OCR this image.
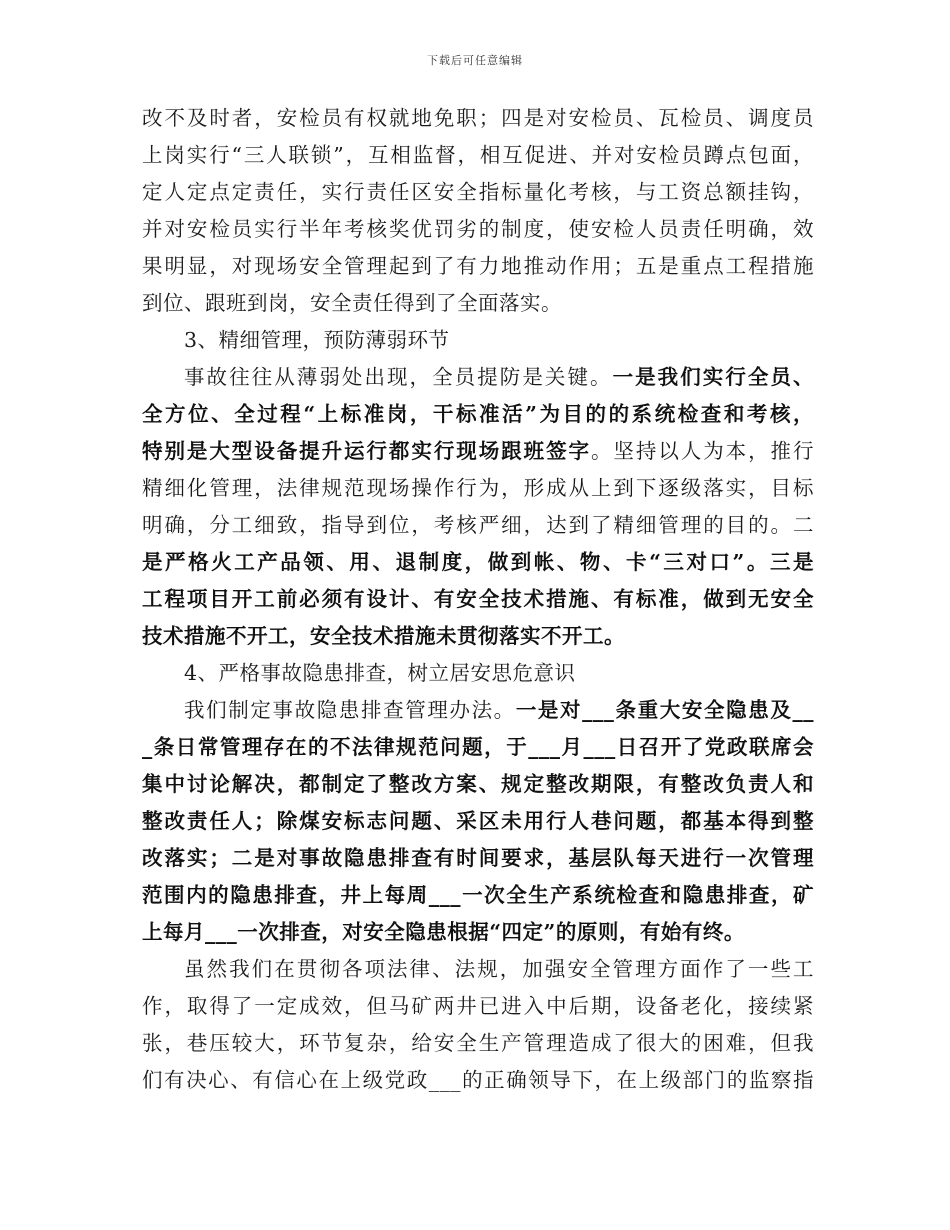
下载后可任意编辑
改不及时者，安检员有权就地免职；四是对安检员、瓦检员、调度员
上岗实行“三人联锁”，互相监督，相互促进、并对安检员蹲点包面，
定人定点定责任，实行责任区安全指标量化考核，与工资总额挂钩，
并对安检员实行半年考核奖优罚劣的制度，使安检人员责任明确，效
果明显，对现场安全管理起到了有力地推动作用；五是重点工程措施
到位、跟班到岗，安全责任得到了全面落实。
3、精细管理，预防薄弱环节
事故往往从薄弱处出现，全员提防是关键。一是我们实行全员、
全方位、全过程“上标准岗，干标准活”为目的的系统检查和考核，
特别是大型设备提升运行都实行现场跟班签字。坚持以人为本，推行
精细化管理，法律规范现场操作行为，形成从上到下逐级落实，目标
明确，分工细致，指导到位，考核严细，达到了精细管理的目的。二
是严格火工产品领、用、退制度，做到帐、物、卡“三对口”。三是
工程项目开工前必须有设计、有安全技术措施、有标准，做到无安全
技术措施不开工，安全技术措施未贯彻落实不开工。
4、严格事故隐患排查，树立居安思危意识
我们制定事故隐患排查管理办法。一是对___条重大安全隐患及__
_条日常管理存在的不法律规范问题，于___月___日召开了党政联席会
集中讨论解决，都制定了整改方案、规定整改期限，有整改负责人和
整改责任人；除煤安标志问题、采区未用行人巷问题，都基本得到整
改落实；二是对事故隐患排查有时间要求，基层队每天进行一次管理
范围内的隐患排查，井上每周___一次全生产系统检查和隐患排查，矿
上每月___一次排查，对安全隐患根据“四定”的原则，有始有终。
虽然我们在贯彻各项法律、法规，加强安全管理方面作了一些工
作，取得了一定成效，但马矿两井已进入中后期，设备老化，接续紧
张，巷压较大，环节复杂，给安全生产管理造成了很大的困难，但我
们有决心、有信心在上级党政___的正确领导下，在上级部门的监察指
